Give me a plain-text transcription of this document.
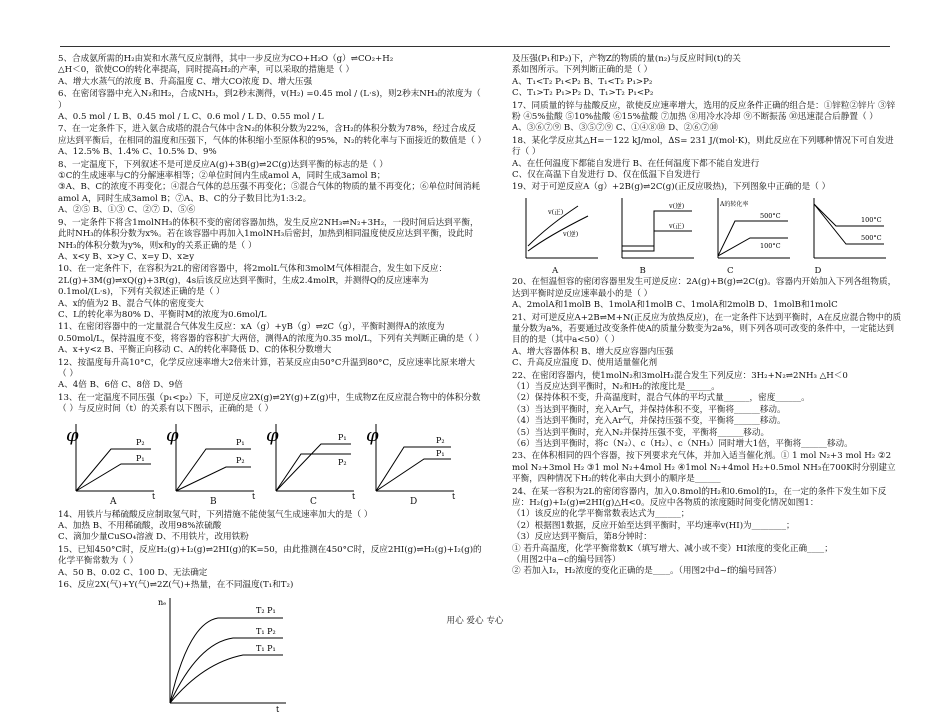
5、合成氨所需的H₂由炭和水蒸气反应制得，其中一步反应为CO+H₂O（g）⇌CO₂+H₂

△H＜0，欲使CO的转化率提高，同时提高H₂的产率，可以采取的措施是（ ）

A、增大水蒸气的浓度 B、升高温度 C、增大CO浓度 D、增大压强

6、在密闭容器中充入N₂和H₂，合成NH₃，到2秒末测得，v(H₂) =0.45 mol / (L·s)，则2秒末NH₃的浓度为（ ）

A、0.5 mol / L B、0.45 mol / L C、0.6 mol / L D、0.55 mol / L

7、在一定条件下，进入氨合成塔的混合气体中含N₂的体积分数为22%，含H₂的体积分数为78%，经过合成反应达到平衡后，在相同的温度和压强下，气体的体积缩小至原体积的95%，N₂的转化率与下面接近的数值是（ ）

A、12.5% B、1.4% C、10.5% D、9%

8、一定温度下，下列叙述不是可逆反应A(g)+3B(g)⇌2C(g)达到平衡的标志的是（ ）

①C的生成速率与C的分解速率相等；②单位时间内生成amol A，同时生成3amol B；

③A、B、C的浓度不再变化；④混合气体的总压强不再变化；⑤混合气体的物质的量不再变化；⑥单位时间消耗amol A，同时生成3amol B；⑦A、B、C的分子数目比为1:3:2。

A、②⑤ B、①③ C、②⑦ D、⑤⑥

9、一定条件下将含1molNH₃的体积不变的密闭容器加热，发生反应2NH₃⇌N₂+3H₂，一段时间后达到平衡，此时NH₃的体积分数为x%。若在该容器中再加入1molNH₃后密封，加热到相同温度使反应达到平衡，设此时NH₃的体积分数为y%，则x和y的关系正确的是（ ）

A、x<y B、x>y C、x=y D、x≥y

10、在一定条件下，在容积为2L的密闭容器中，将2molL气体和3molM气体相混合，发生如下反应：2L(g)+3M(g)⇌xQ(g)+3R(g)，4s后该反应达到平衡时，生成2.4molR，并测得Q的反应速率为0.1mol/(L·s)，下列有关叙述正确的是（ ）

A、x的值为2 B、混合气体的密度变大

C、L的转化率为80% D、平衡时M的浓度为0.6mol/L

11、在密闭容器中的一定量混合气体发生反应：xA（g）+yB（g）⇌zC（g），平衡时测得A的浓度为0.50mol/L，保持温度不变，将容器的容积扩大两倍，测得A的浓度为0.35 mol/L，下列有关判断正确的是（ ）

A、x+y<z B、平衡正向移动 C、A的转化率降低 D、C的体积分数增大

12、按温度每升高10°C，化学反应速率增大2倍来计算，若某反应由50°C升温到80°C，反应速率比原来增大（ ）

A、4倍 B、6倍 C、8倍 D、9倍

13、在一定温度不同压强（p₁<p₂）下，可逆反应2X(g)⇌2Y(g)+Z(g)中，生成物Z在反应混合物中的体积分数（ ）与反应时间（t）的关系有以下图示，正确的是（ ）

φ	P₂
P₁
t
A
φ	P₁
P₂
t
B
φ	P₁
P₂
t
C
φ	P₂
P₁
t
D

14、用铁片与稀硫酸反应制取氢气时，下列措施不能使氢气生成速率加大的是（ ）

A、加热 B、不用稀硫酸，改用98%浓硫酸

C、滴加少量CuSO₄溶液 D、不用铁片，改用铁粉

15、已知450°C时，反应H₂(g)+I₂(g)⇌2HI(g)的K=50，由此推测在450°C时，反应2HI(g)⇌H₂(g)+I₂(g)的化学平衡常数为（ ）

A、50 B、0.02 C、100 D、无法确定

16、反应2X(气)+Y(气)⇌2Z(气)+热量，在不同温度(T₁和T₂)

nₑ
t
T₂ P₁
T₁ P₂
T₁ P₁

及压强(P₁和P₂)下，产物Z的物质的量(n₂)与反应时间(t)的关

系如图所示。下列判断正确的是（ ）

A、T₁<T₂ P₁<P₂ B、T₁<T₂ P₁>P₂

C、T₁>T₂ P₁>P₂ D、T₁>T₂ P₁<P₂

17、同质量的锌与盐酸反应，欲使反应速率增大，选用的反应条件正确的组合是：①锌粒②锌片 ③锌粉 ④5%盐酸 ⑤10%盐酸 ⑥15%盐酸 ⑦加热 ⑧用冷水冷却 ⑨不断振荡 ⑩迅速混合后静置（ ）

A、③⑥⑦⑨ B、③⑤⑦⑨ C、①④⑧⑩ D、②⑥⑦⑩

18、某化学反应其△H=－122 kJ/mol，∆S= 231 J/(mol·K)，则此反应在下列哪种情况下可自发进行（ ）

A、在任何温度下都能自发进行 B、在任何温度下都不能自发进行

C、仅在高温下自发进行 D、仅在低温下自发进行

19、对于可逆反应A（g）+2B(g)⇌2C(g)(正反应吸热)，下列图象中正确的是（ ）

v(正)
v(逆)
v(逆)
v(正)
A的转化率
500°C
100°C
100°C
500°C
A	B	C	D

20、在恒温恒容的密闭容器里发生可逆反应：2A(g)+B(g)⇌2C(g)。容器内开始加入下列各组物质，达到平衡时逆反应速率最小的是（ ）

A、2molA和1molB B、1molA和1molB C、1molA和2molB D、1molB和1molC

21、对可逆反应A+2B⇌M+N(正反应为放热反应)，在一定条件下达到平衡时，A在反应混合物中的质量分数为a%，若要通过改变条件使A的质量分数变为2a%，则下列各项可改变的条件中，一定能达到目的的是（其中a<50）（ ）

A、增大容器体积 B、增大反应容器内压强

C、升高反应温度 D、使用适量催化剂

22、在密闭容器内，使1molN₂和3molH₂混合发生下列反应：3H₂+N₂⇌2NH₃ △H＜0

（1）当反应达到平衡时，N₂和H₂的浓度比是______。

（2）保持体积不变，升高温度时，混合气体的平均式量______，密度______。

（3）当达到平衡时，充入Ar气，并保持体积不变，平衡将______移动。

（4）当达到平衡时，充入Ar气，并保持压强不变，平衡将______移动。

（5）当达到平衡时，充入N₂并保持压强不变，平衡将______移动。

（6）当达到平衡时，将c（N₂）、c（H₂）、c（NH₃）同时增大1倍，平衡将______移动。

23、在体积相同的四个容器，按下列要求充气体，并加入适当催化剂。① 1 mol N₂+3 mol H₂ ②2 mol N₂+3mol H₂ ③1 mol N₂+4mol H₂ ④1mol N₂+4mol H₂+0.5mol NH₃在700K时分别建立平衡，四种情况下H₂的转化率由大到小的顺序是______

24、在某一容积为2L的密闭容器内，加入0.8mol的H₂和0.6mol的I₂，在一定的条件下发生如下反应：H₂(g)+I₂(g)⇌2HI(g)△H<0。反应中各物质的浓度随时间变化情况如图1：

（1）该反应的化学平衡常数表达式为______；

（2）根据图1数据，反应开始至达到平衡时，平均速率v(HI)为________；

（3）反应达到平衡后，第8分钟时：

① 若升高温度，化学平衡常数K（填写增大、减小或不变）HI浓度的变化正确____；

（用图2中a~c的编号回答）

② 若加入I₂，H₂浓度的变化正确的是____。（用图2中d~f的编号回答）

用心 爱心 专心
